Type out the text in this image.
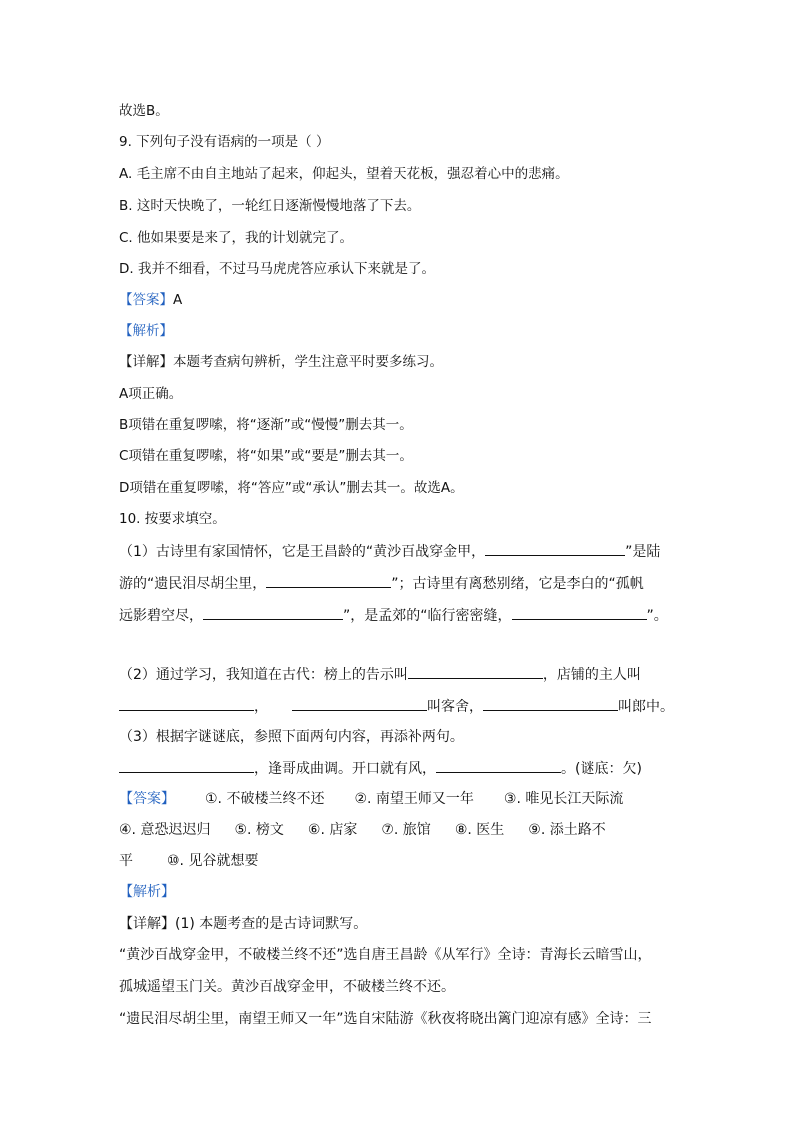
故选B。
9. 下列句子没有语病的一项是（ ）
A. 毛主席不由自主地站了起来，仰起头，望着天花板，强忍着心中的悲痛。
B. 这时天快晚了，一轮红日逐渐慢慢地落了下去。
C. 他如果要是来了，我的计划就完了。
D. 我并不细看，不过马马虎虎答应承认下来就是了。
【答案】A
【解析】
【详解】本题考查病句辨析，学生注意平时要多练习。
A项正确。
B项错在重复啰嗦，将“逐渐”或“慢慢”删去其一。
C项错在重复啰嗦，将“如果”或“要是”删去其一。
D项错在重复啰嗦，将“答应”或“承认”删去其一。故选A。
10. 按要求填空。
（1）古诗里有家国情怀，它是王昌龄的“黄沙百战穿金甲，	”是陆
游的“遗民泪尽胡尘里，	”；古诗里有离愁别绪，它是李白的“孤帆
远影碧空尽，	”，是孟郊的“临行密密缝，	”。
（2）通过学习，我知道在古代：榜上的告示叫	，店铺的主人叫
，	叫客舍，	叫郎中。
（3）根据字谜谜底，参照下面两句内容，再添补两句。
，逢哥成曲调。开口就有风，	。(谜底：欠)
【答案】 ①. 不破楼兰终不还 ②. 南望王师又一年 ③. 唯见长江天际流
④. 意恐迟迟归 ⑤. 榜文 ⑥. 店家 ⑦. 旅馆 ⑧. 医生 ⑨. 添土路不
平 ⑩. 见谷就想要
【解析】
【详解】(1) 本题考查的是古诗词默写。
“黄沙百战穿金甲，不破楼兰终不还”选自唐王昌龄《从军行》全诗：青海长云暗雪山，
孤城遥望玉门关。黄沙百战穿金甲，不破楼兰终不还。
“遗民泪尽胡尘里，南望王师又一年”选自宋陆游《秋夜将晓出篱门迎凉有感》全诗：三
